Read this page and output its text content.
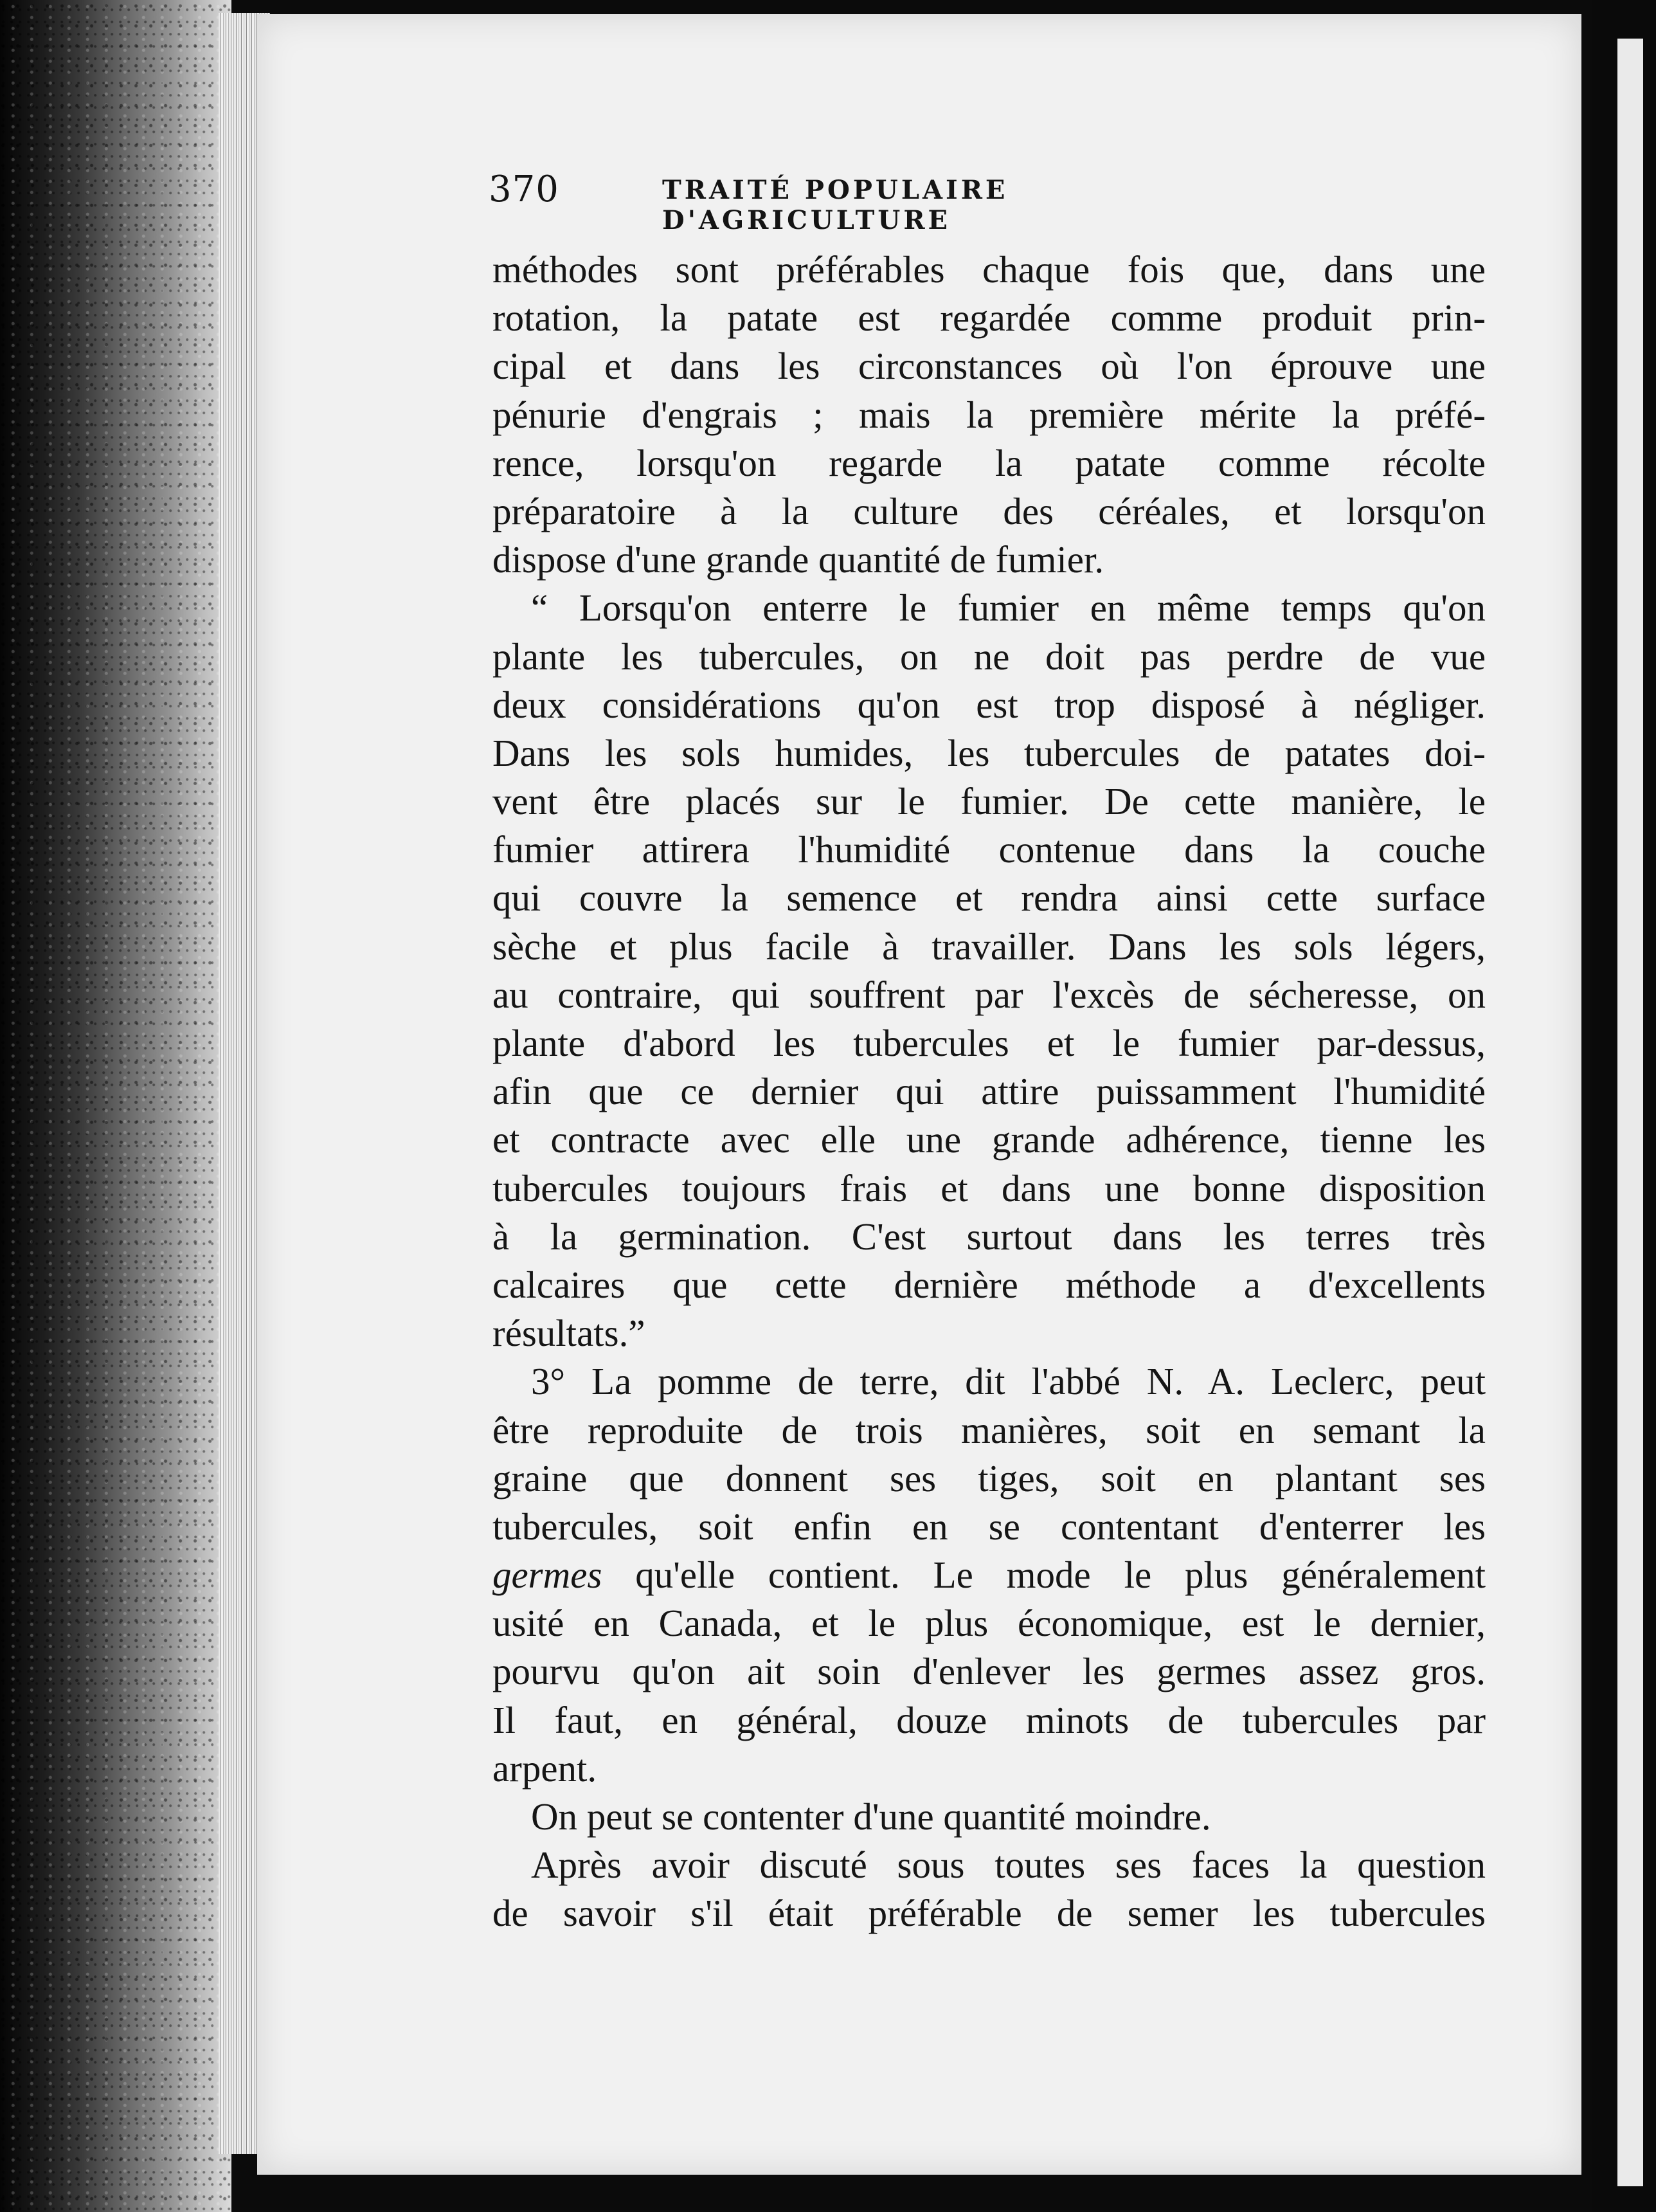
370	TRAITÉ POPULAIRE D'AGRICULTURE
méthodes sont préférables chaque fois que, dans une
rotation, la patate est regardée comme produit prin-
cipal et dans les circonstances où l'on éprouve une
pénurie d'engrais ; mais la première mérite la préfé-
rence, lorsqu'on regarde la patate comme récolte
préparatoire à la culture des céréales, et lorsqu'on
dispose d'une grande quantité de fumier.
“ Lorsqu'on enterre le fumier en même temps qu'on
plante les tubercules, on ne doit pas perdre de vue
deux considérations qu'on est trop disposé à négliger.
Dans les sols humides, les tubercules de patates doi-
vent être placés sur le fumier. De cette manière, le
fumier attirera l'humidité contenue dans la couche
qui couvre la semence et rendra ainsi cette surface
sèche et plus facile à travailler. Dans les sols légers,
au contraire, qui souffrent par l'excès de sécheresse, on
plante d'abord les tubercules et le fumier par-dessus,
afin que ce dernier qui attire puissamment l'humidité
et contracte avec elle une grande adhérence, tienne les
tubercules toujours frais et dans une bonne disposition
à la germination. C'est surtout dans les terres très
calcaires que cette dernière méthode a d'excellents
résultats.”
3° La pomme de terre, dit l'abbé N. A. Leclerc, peut
être reproduite de trois manières, soit en semant la
graine que donnent ses tiges, soit en plantant ses
tubercules, soit enfin en se contentant d'enterrer les
germes qu'elle contient. Le mode le plus généralement
usité en Canada, et le plus économique, est le dernier,
pourvu qu'on ait soin d'enlever les germes assez gros.
Il faut, en général, douze minots de tubercules par
arpent.
On peut se contenter d'une quantité moindre.
Après avoir discuté sous toutes ses faces la question
de savoir s'il était préférable de semer les tubercules
